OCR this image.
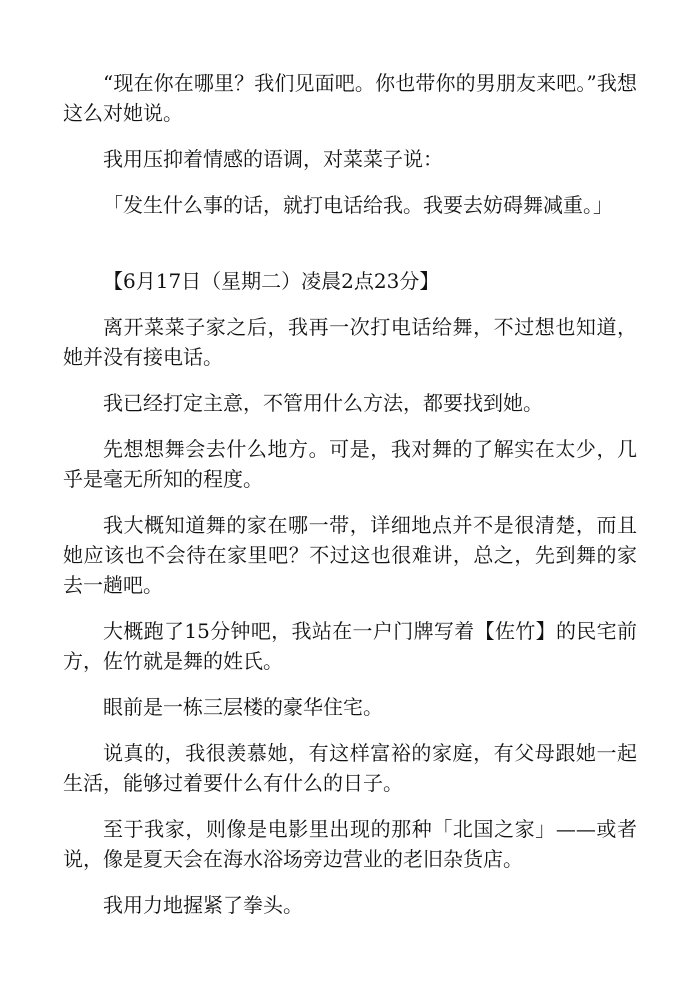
“现在你在哪里？我们见面吧。你也带你的男朋友来吧。”我想这么对她说。

我用压抑着情感的语调，对菜菜子说：

「发生什么事的话，就打电话给我。我要去妨碍舞减重。」

【6月17日（星期二）凌晨2点23分】

离开菜菜子家之后，我再一次打电话给舞，不过想也知道，她并没有接电话。

我已经打定主意，不管用什么方法，都要找到她。

先想想舞会去什么地方。可是，我对舞的了解实在太少，几乎是毫无所知的程度。

我大概知道舞的家在哪一带，详细地点并不是很清楚，而且她应该也不会待在家里吧？不过这也很难讲，总之，先到舞的家去一趟吧。

大概跑了15分钟吧，我站在一户门牌写着【佐竹】的民宅前方，佐竹就是舞的姓氏。

眼前是一栋三层楼的豪华住宅。

说真的，我很羡慕她，有这样富裕的家庭，有父母跟她一起生活，能够过着要什么有什么的日子。

至于我家，则像是电影里出现的那种「北国之家」——或者说，像是夏天会在海水浴场旁边营业的老旧杂货店。

我用力地握紧了拳头。
